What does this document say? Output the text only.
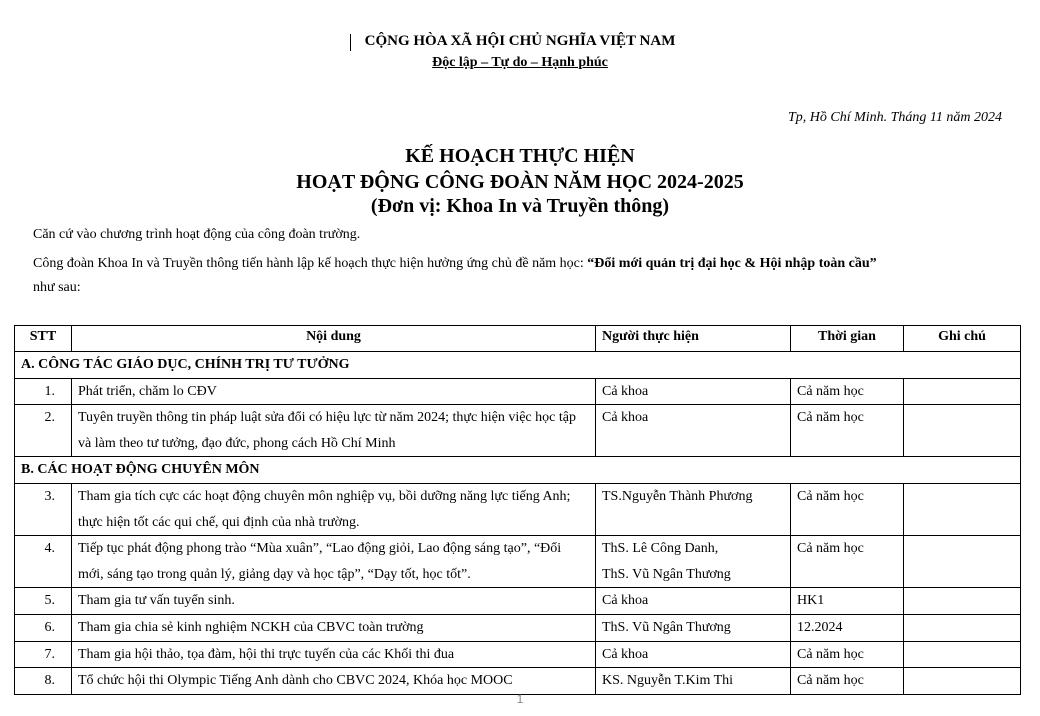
CỘNG HÒA XÃ HỘI CHỦ NGHĨA VIỆT NAM
Độc lập – Tự do – Hạnh phúc
Tp, Hồ Chí Minh. Tháng 11 năm 2024
KẾ HOẠCH THỰC HIỆN
HOẠT ĐỘNG CÔNG ĐOÀN NĂM HỌC 2024-2025
(Đơn vị: Khoa In và Truyền thông)
Căn cứ vào chương trình hoạt động của công đoàn trường.
Công đoàn Khoa In và Truyền thông tiến hành lập kế hoạch thực hiện hưởng ứng chủ đề năm học: “Đổi mới quản trị đại học & Hội nhập toàn cầu”
như sau:
STT	Nội dung	Người thực hiện	Thời gian	Ghi chú
A. CÔNG TÁC GIÁO DỤC, CHÍNH TRỊ TƯ TƯỞNG				
1.	Phát triển, chăm lo CĐV	Cả khoa	Cả năm học	
2.	Tuyên truyền thông tin pháp luật sửa đổi có hiệu lực từ năm 2024; thực hiện việc học tập và làm theo tư tưởng, đạo đức, phong cách Hồ Chí Minh	Cả khoa	Cả năm học	
B. CÁC HOẠT ĐỘNG CHUYÊN MÔN				
3.	Tham gia tích cực các hoạt động chuyên môn nghiệp vụ, bồi dưỡng năng lực tiếng Anh; thực hiện tốt các qui chế, qui định của nhà trường.	TS.Nguyễn Thành Phương	Cả năm học	
4.	Tiếp tục phát động phong trào “Mùa xuân”, “Lao động giỏi, Lao động sáng tạo”, “Đổi mới, sáng tạo trong quản lý, giảng dạy và học tập”, “Dạy tốt, học tốt”.	ThS. Lê Công Danh,
ThS. Vũ Ngân Thương	Cả năm học	
5.	Tham gia tư vấn tuyển sinh.	Cả khoa	HK1	
6.	Tham gia chia sẻ kinh nghiệm NCKH của CBVC toàn trường	ThS. Vũ Ngân Thương	12.2024	
7.	Tham gia hội thảo, tọa đàm, hội thi trực tuyến của các Khối thi đua	Cả khoa	Cả năm học	
8.	Tổ chức hội thi Olympic Tiếng Anh dành cho CBVC 2024, Khóa học MOOC	KS. Nguyễn T.Kim Thi	Cả năm học	
1
